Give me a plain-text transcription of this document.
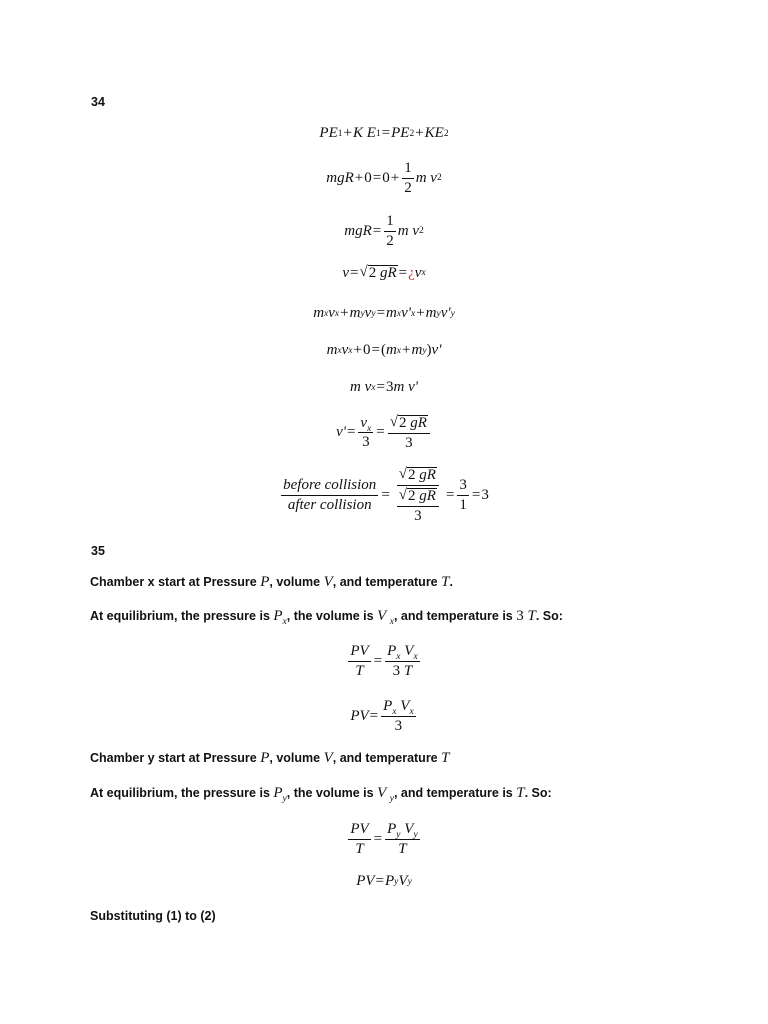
34
PE 1 + K E 1 = PE 2 + KE 2
mgR + $0 = 0 + \frac{1}{2}$ m v 2
mgR = $\frac{1}{2}$ m v 2
v = √ 2 gR = ¿ v x
m x v x + m y v y = m x v' x + m y v' y
m x v x + 0 = ( m x + m y ) v'
m v x = 3 m v'
$v' = \frac{v_x}{3} = \frac{√ 2 gR}{3}$
$\frac{\text{before collision}}{\text{after collision}} = \frac{√ 2 gR}{\frac{√ 2 gR}{3}} = \frac{3}{1} = 3$
35
Chamber x start at Pressure P, volume V, and temperature T.
At equilibrium, the pressure is $P_x$, the volume is V $_x$, and temperature is 3 T. So:
$\frac{PV}{T} = \frac{P_x V_x}{3 T}$
PV = $\frac{P_x V_x}{3}$
Chamber y start at Pressure P, volume V, and temperature T
At equilibrium, the pressure is $P_y$, the volume is V $_y$, and temperature is T. So:
$\frac{PV}{T} = \frac{P_y V_y}{T}$
PV = P y V y
Substituting (1) to (2)
